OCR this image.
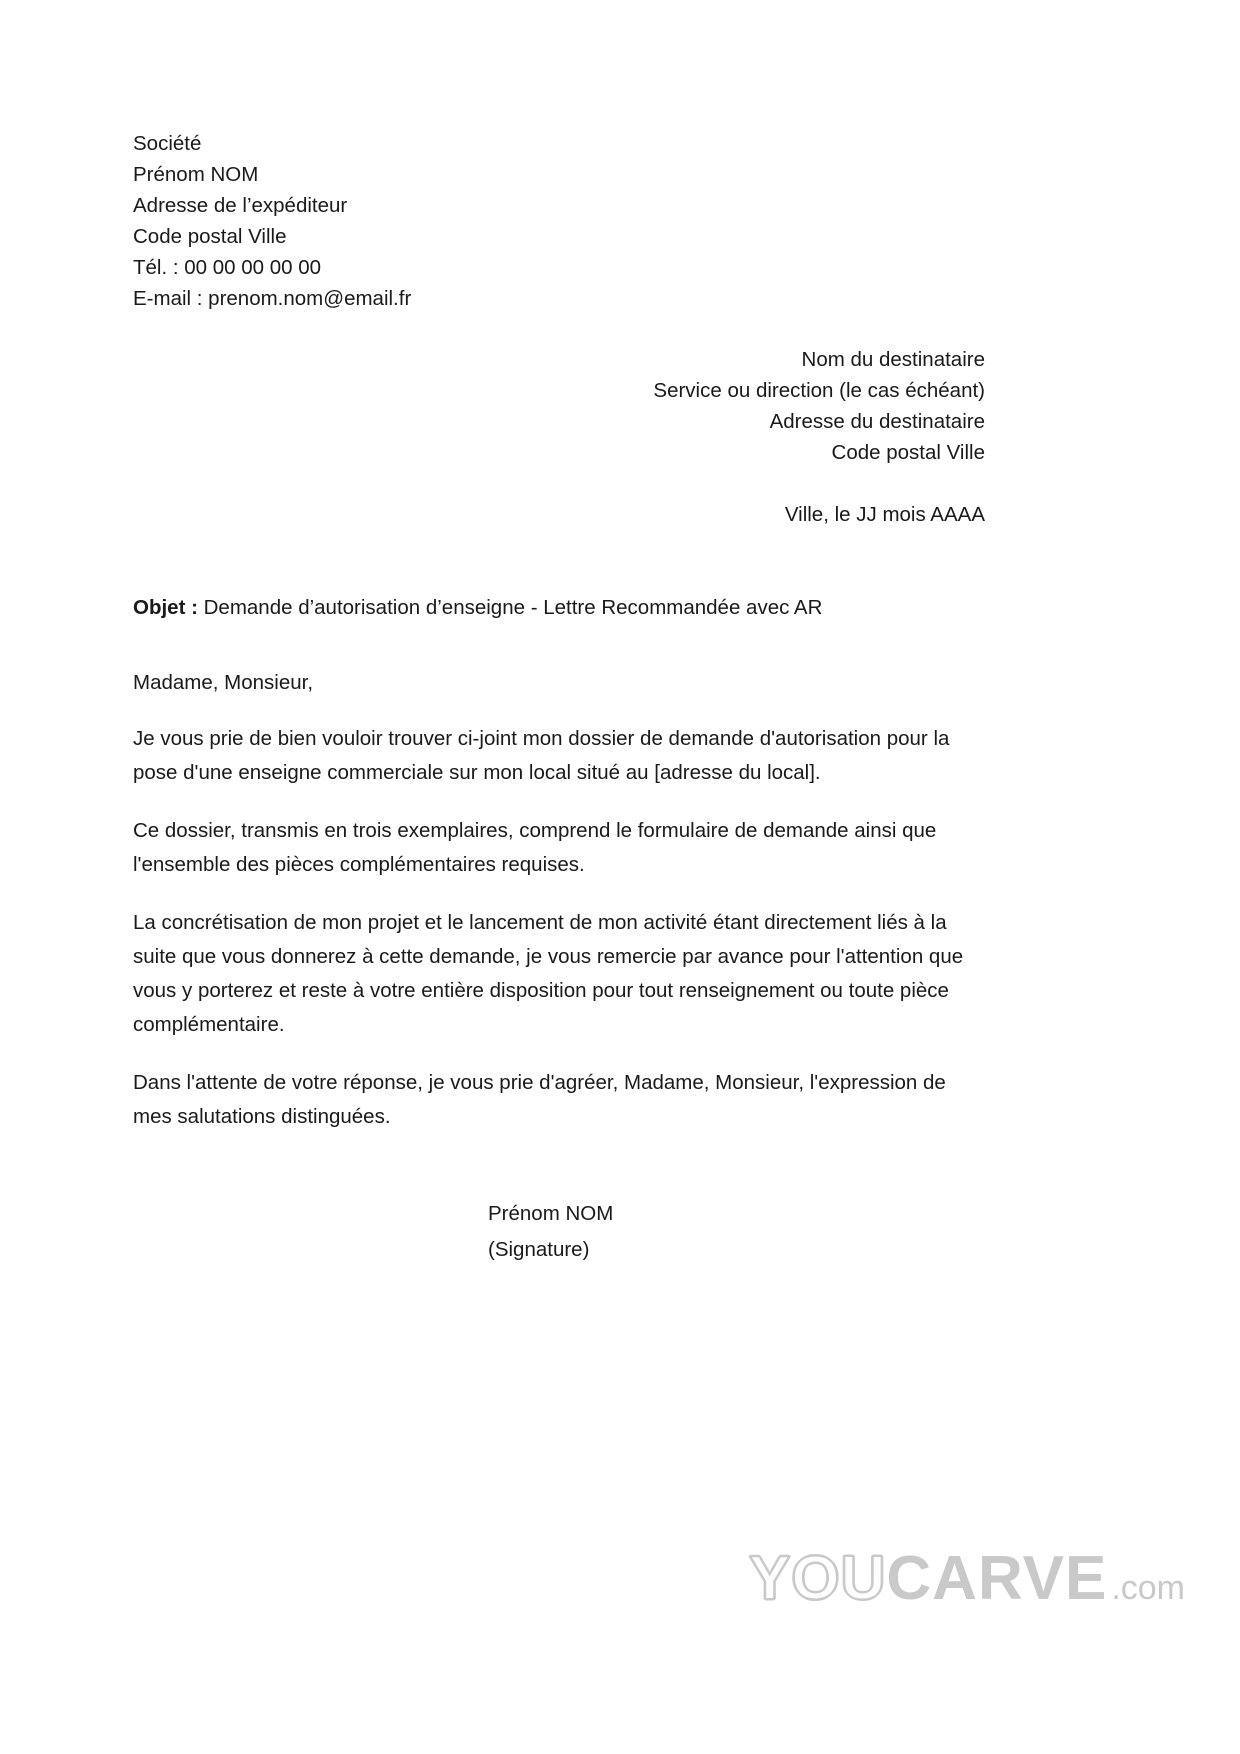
Société
Prénom NOM
Adresse de l’expéditeur
Code postal Ville
Tél. : 00 00 00 00 00
E-mail : prenom.nom@email.fr
Nom du destinataire
Service ou direction (le cas échéant)
Adresse du destinataire
Code postal Ville
Ville, le JJ mois AAAA
Objet : Demande d’autorisation d’enseigne - Lettre Recommandée avec AR
Madame, Monsieur,
Je vous prie de bien vouloir trouver ci-joint mon dossier de demande d'autorisation pour la pose d'une enseigne commerciale sur mon local situé au [adresse du local].
Ce dossier, transmis en trois exemplaires, comprend le formulaire de demande ainsi que l'ensemble des pièces complémentaires requises.
La concrétisation de mon projet et le lancement de mon activité étant directement liés à la suite que vous donnerez à cette demande, je vous remercie par avance pour l'attention que vous y porterez et reste à votre entière disposition pour tout renseignement ou toute pièce complémentaire.
Dans l'attente de votre réponse, je vous prie d'agréer, Madame, Monsieur, l'expression de mes salutations distinguées.
Prénom NOM
(Signature)
YOU CARVE .com
